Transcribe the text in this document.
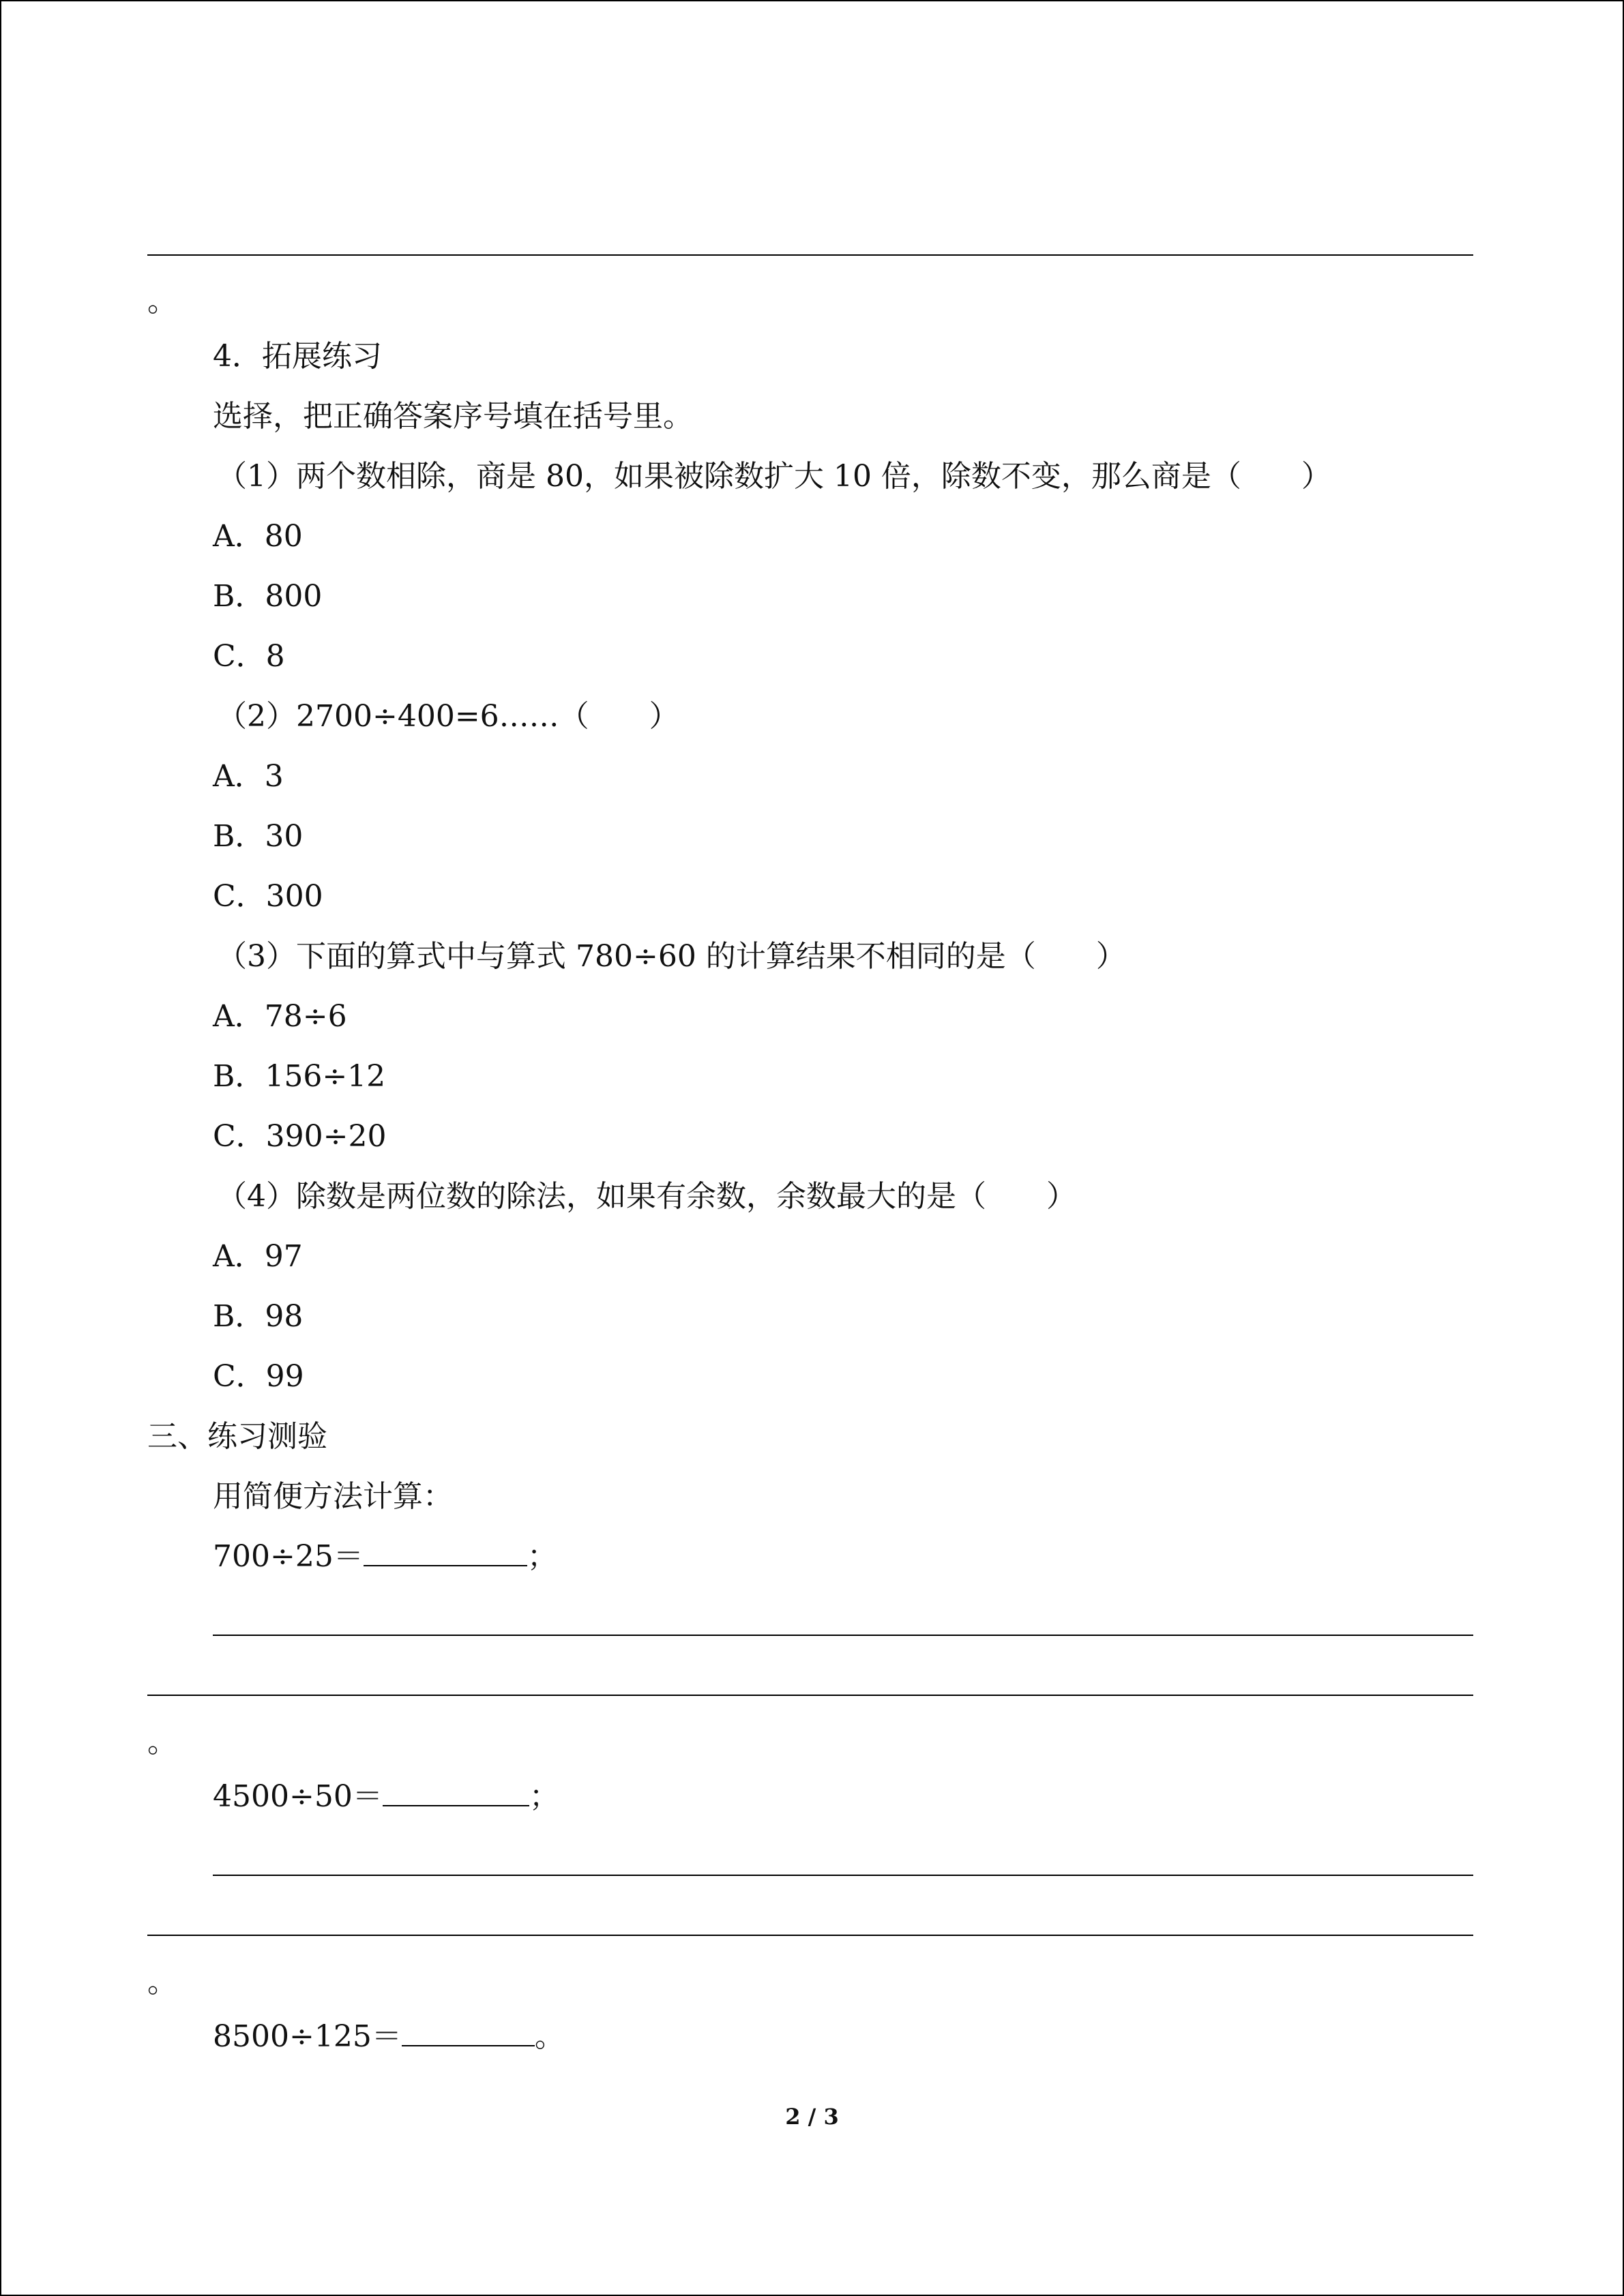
。
4．拓展练习
选择，把正确答案序号填在括号里。
（1）两个数相除，商是 80，如果被除数扩大 10 倍，除数不变，那么商是（　　）
A．80
B．800
C．8
（2）2700÷400=6……（　　）
A．3
B．30
C．300
（3）下面的算式中与算式 780÷60 的计算结果不相同的是（　　）
A．78÷6
B．156÷12
C．390÷20
（4）除数是两位数的除法，如果有余数，余数最大的是（　　）
A．97
B．98
C．99
三、练习测验
用简便方法计算：
700÷25＝	；
。
4500÷50＝	；
。
8500÷125＝	。
2 / 3
